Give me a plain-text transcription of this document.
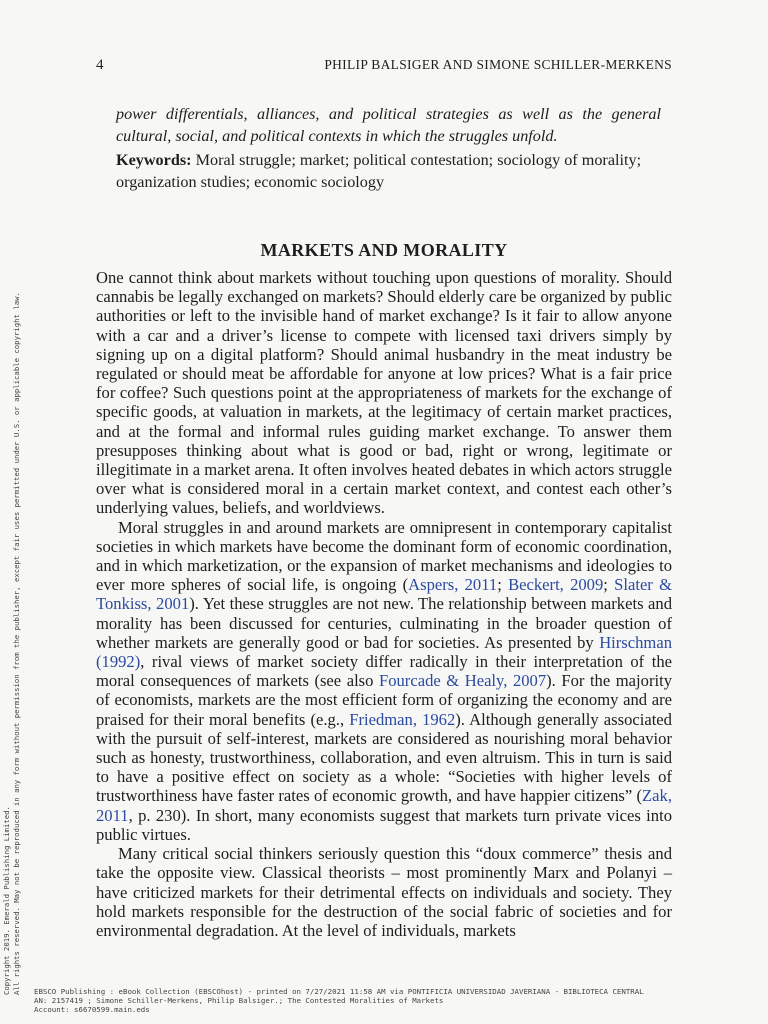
4	PHILIP BALSIGER AND SIMONE SCHILLER-MERKENS

power differentials, alliances, and political strategies as well as the general cultural, social, and political contexts in which the struggles unfold.

Keywords: Moral struggle; market; political contestation; sociology of morality; organization studies; economic sociology

MARKETS AND MORALITY

One cannot think about markets without touching upon questions of morality. Should cannabis be legally exchanged on markets? Should elderly care be organized by public authorities or left to the invisible hand of market exchange? Is it fair to allow anyone with a car and a driver’s license to compete with licensed taxi drivers simply by signing up on a digital platform? Should animal husbandry in the meat industry be regulated or should meat be affordable for anyone at low prices? What is a fair price for coffee? Such questions point at the appropriateness of markets for the exchange of specific goods, at valuation in markets, at the legitimacy of certain market practices, and at the formal and informal rules guiding market exchange. To answer them presupposes thinking about what is good or bad, right or wrong, legitimate or illegitimate in a market arena. It often involves heated debates in which actors struggle over what is considered moral in a certain market context, and contest each other’s underlying values, beliefs, and worldviews.

Moral struggles in and around markets are omnipresent in contemporary capitalist societies in which markets have become the dominant form of economic coordination, and in which marketization, or the expansion of market mechanisms and ideologies to ever more spheres of social life, is ongoing (Aspers, 2011; Beckert, 2009; Slater & Tonkiss, 2001). Yet these struggles are not new. The relationship between markets and morality has been discussed for centuries, culminating in the broader question of whether markets are generally good or bad for societies. As presented by Hirschman (1992), rival views of market society differ radically in their interpretation of the moral consequences of markets (see also Fourcade & Healy, 2007). For the majority of economists, markets are the most efficient form of organizing the economy and are praised for their moral benefits (e.g., Friedman, 1962). Although generally associated with the pursuit of self-interest, markets are considered as nourishing moral behavior such as honesty, trustworthiness, collaboration, and even altruism. This in turn is said to have a positive effect on society as a whole: “Societies with higher levels of trustworthiness have faster rates of economic growth, and have happier citizens” (Zak, 2011, p. 230). In short, many economists suggest that markets turn private vices into public virtues.

Many critical social thinkers seriously question this “doux commerce” thesis and take the opposite view. Classical theorists – most prominently Marx and Polanyi – have criticized markets for their detrimental effects on individuals and society. They hold markets responsible for the destruction of the social fabric of societies and for environmental degradation. At the level of individuals, markets

Copyright 2019. Emerald Publishing Limited. All rights reserved. May not be reproduced in any form without permission from the publisher, except fair uses permitted under U.S. or applicable copyright law. EBSCO Publishing : eBook Collection (EBSCOhost) - printed on 7/27/2021 11:58 AM via PONTIFICIA UNIVERSIDAD JAVERIANA - BIBLIOTECA CENTRAL
AN: 2157419 ; Simone Schiller-Merkens, Philip Balsiger.; The Contested Moralities of Markets
Account: s6670599.main.eds
